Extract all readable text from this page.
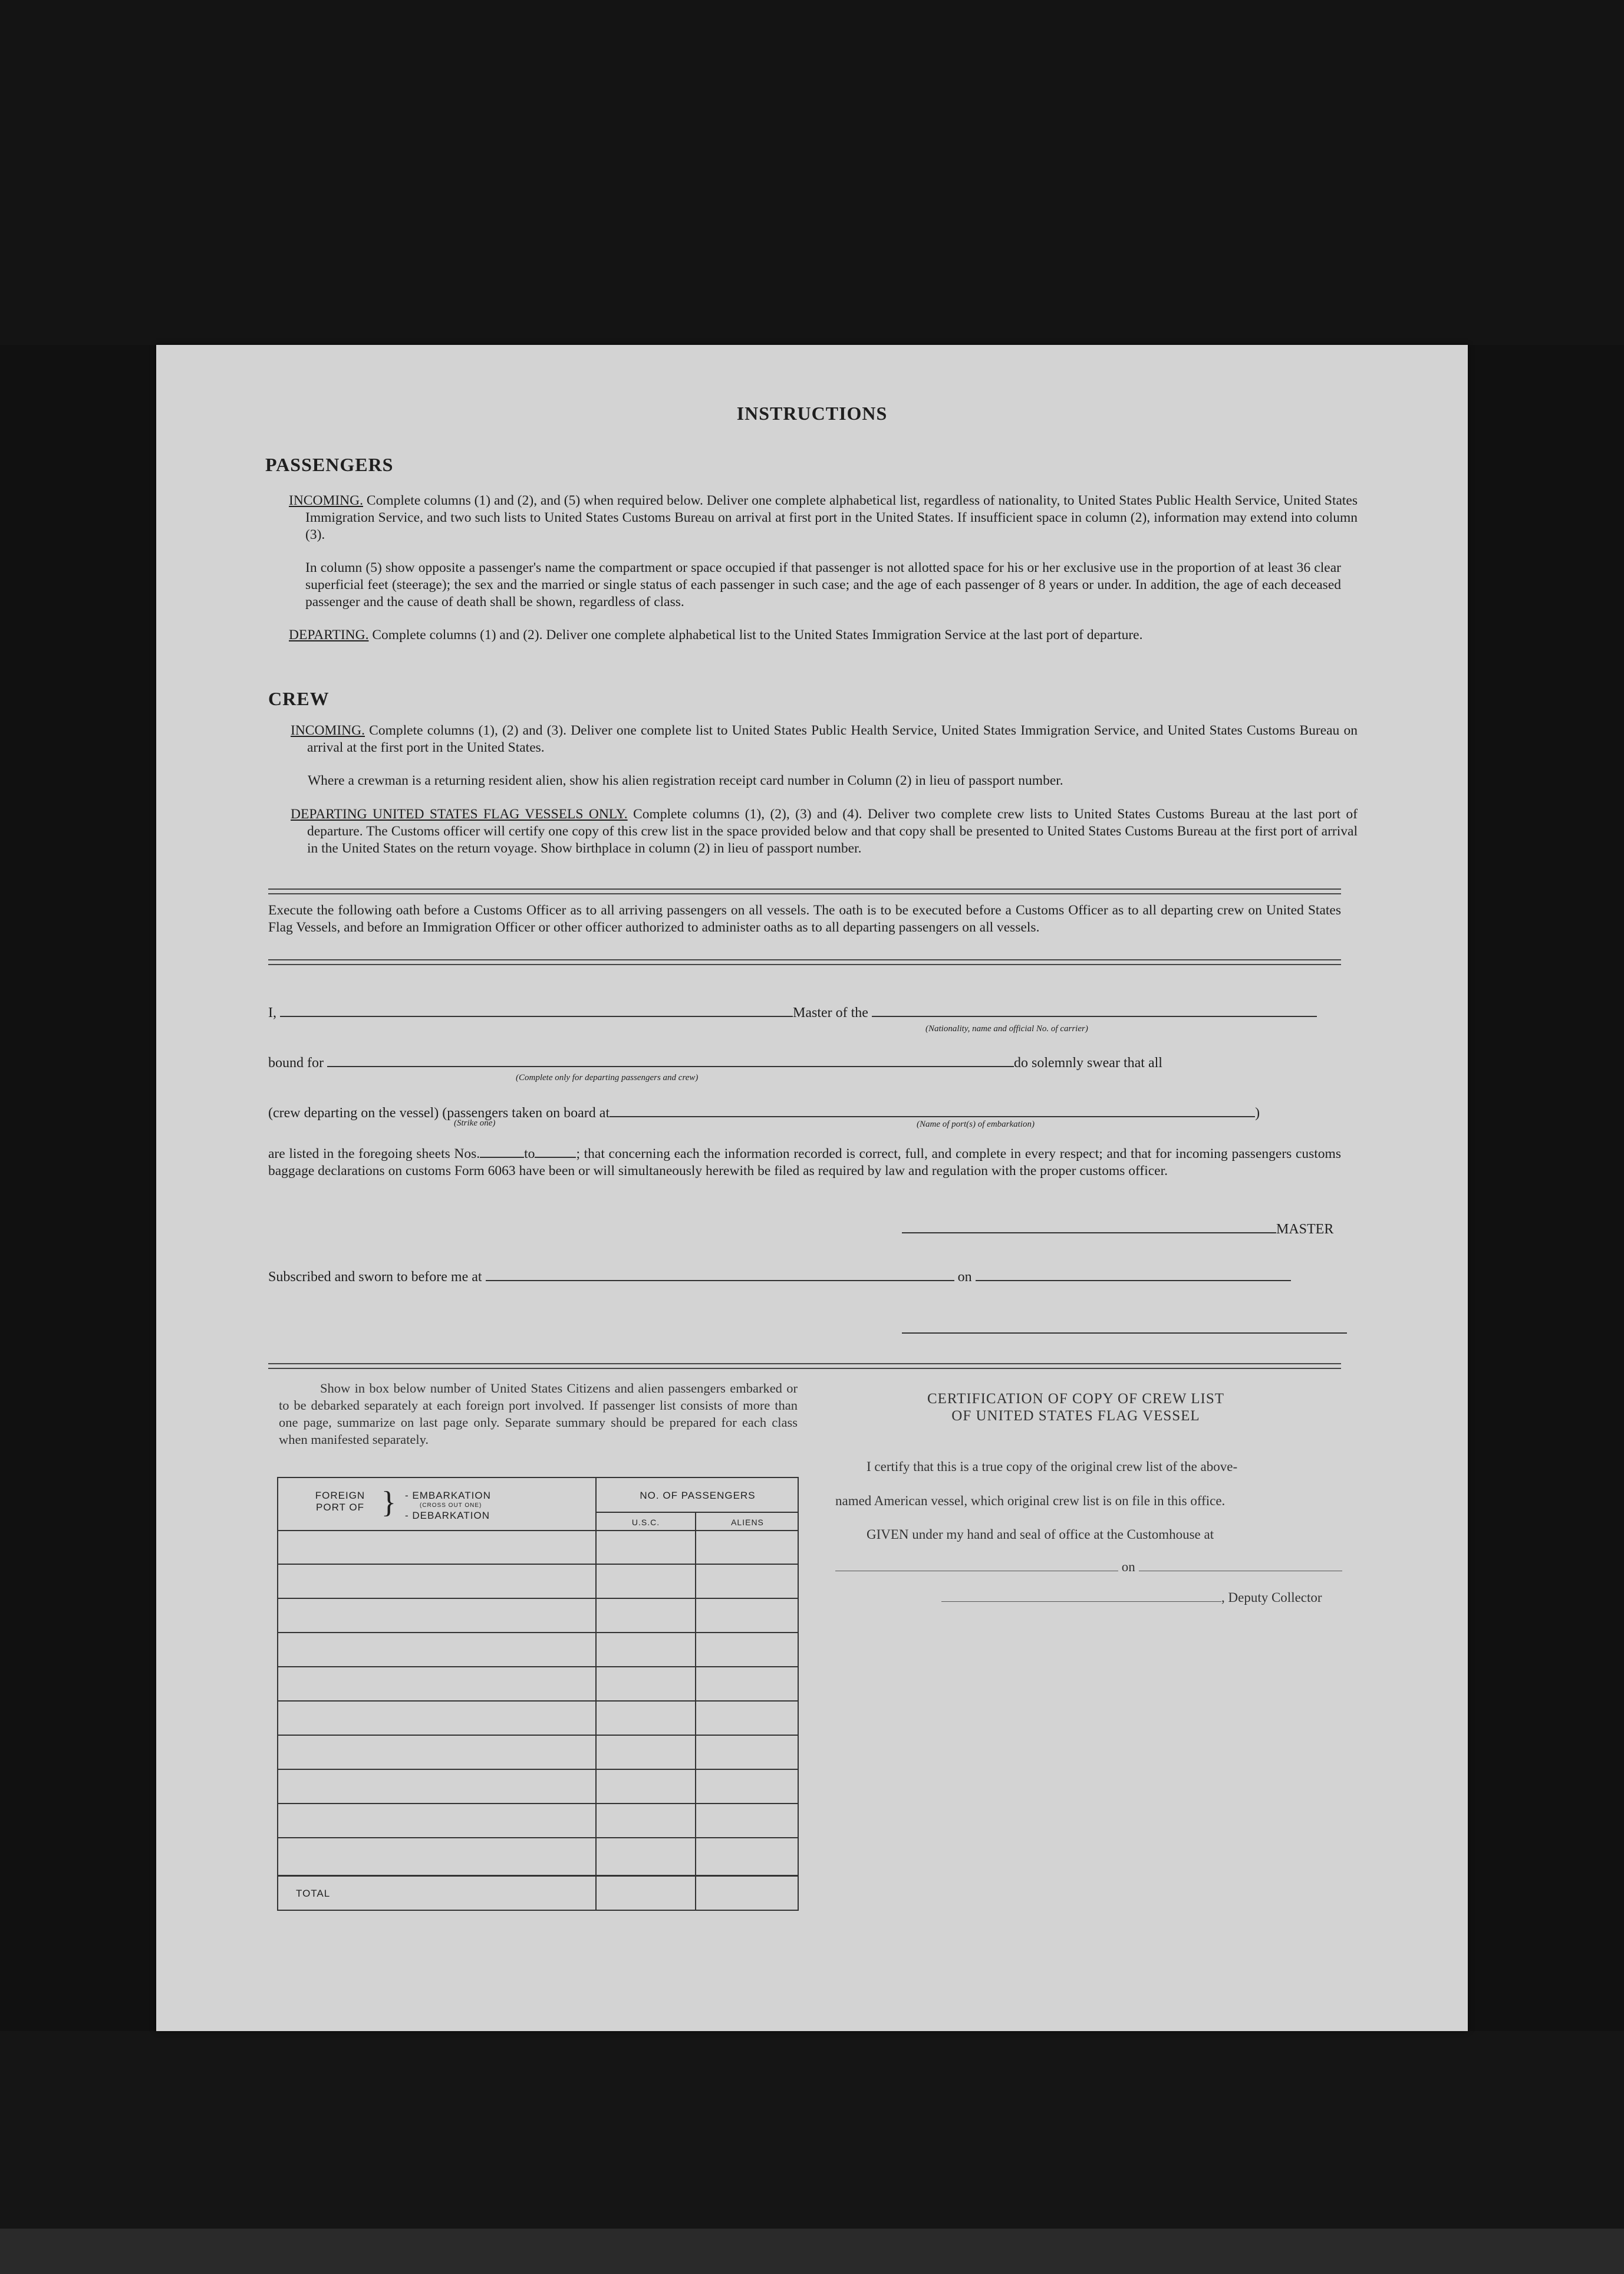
INSTRUCTIONS
PASSENGERS
INCOMING. Complete columns (1) and (2), and (5) when required below. Deliver one complete alphabetical list, regardless of nationality, to United States Public Health Service, United States Immigration Service, and two such lists to United States Customs Bureau on arrival at first port in the United States. If insufficient space in column (2), information may extend into column (3).
In column (5) show opposite a passenger's name the compartment or space occupied if that passenger is not allotted space for his or her exclusive use in the proportion of at least 36 clear superficial feet (steerage); the sex and the married or single status of each passenger in such case; and the age of each passenger of 8 years or under. In addition, the age of each deceased passenger and the cause of death shall be shown, regardless of class.
DEPARTING. Complete columns (1) and (2). Deliver one complete alphabetical list to the United States Immigration Service at the last port of departure.
CREW
INCOMING. Complete columns (1), (2) and (3). Deliver one complete list to United States Public Health Service, United States Immigration Service, and United States Customs Bureau on arrival at the first port in the United States.
Where a crewman is a returning resident alien, show his alien registration receipt card number in Column (2) in lieu of passport number.
DEPARTING UNITED STATES FLAG VESSELS ONLY. Complete columns (1), (2), (3) and (4). Deliver two complete crew lists to United States Customs Bureau at the last port of departure. The Customs officer will certify one copy of this crew list in the space provided below and that copy shall be presented to United States Customs Bureau at the first port of arrival in the United States on the return voyage. Show birthplace in column (2) in lieu of passport number.
Execute the following oath before a Customs Officer as to all arriving passengers on all vessels. The oath is to be executed before a Customs Officer as to all departing crew on United States Flag Vessels, and before an Immigration Officer or other officer authorized to administer oaths as to all departing passengers on all vessels.
I,	Master of the
(Nationality, name and official No. of carrier)
bound for	do solemnly swear that all
(Complete only for departing passengers and crew)
(crew departing on the vessel) (passengers taken on board at	)
(Strike one)	(Name of port(s) of embarkation)
are listed in the foregoing sheets Nos.	to	; that concerning each the information recorded is correct, full, and complete in every respect; and that for incoming passengers customs baggage declarations on customs Form 6063 have been or will simultaneously herewith be filed as required by law and regulation with the proper customs officer.
MASTER
Subscribed and sworn to before me at	on
Show in box below number of United States Citizens and alien passengers embarked or to be debarked separately at each foreign port involved. If passenger list consists of more than one page, summarize on last page only. Separate summary should be prepared for each class when manifested separately.
FOREIGN PORT OF } - EMBARKATION
(CROSS OUT ONE)
- DEBARKATION
NO. OF PASSENGERS
U.S.C.	ALIENS
TOTAL
CERTIFICATION OF COPY OF CREW LIST
OF UNITED STATES FLAG VESSEL
I certify that this is a true copy of the original crew list of the above-
named American vessel, which original crew list is on file in this office.
GIVEN under my hand and seal of office at the Customhouse at
on
, Deputy Collector
